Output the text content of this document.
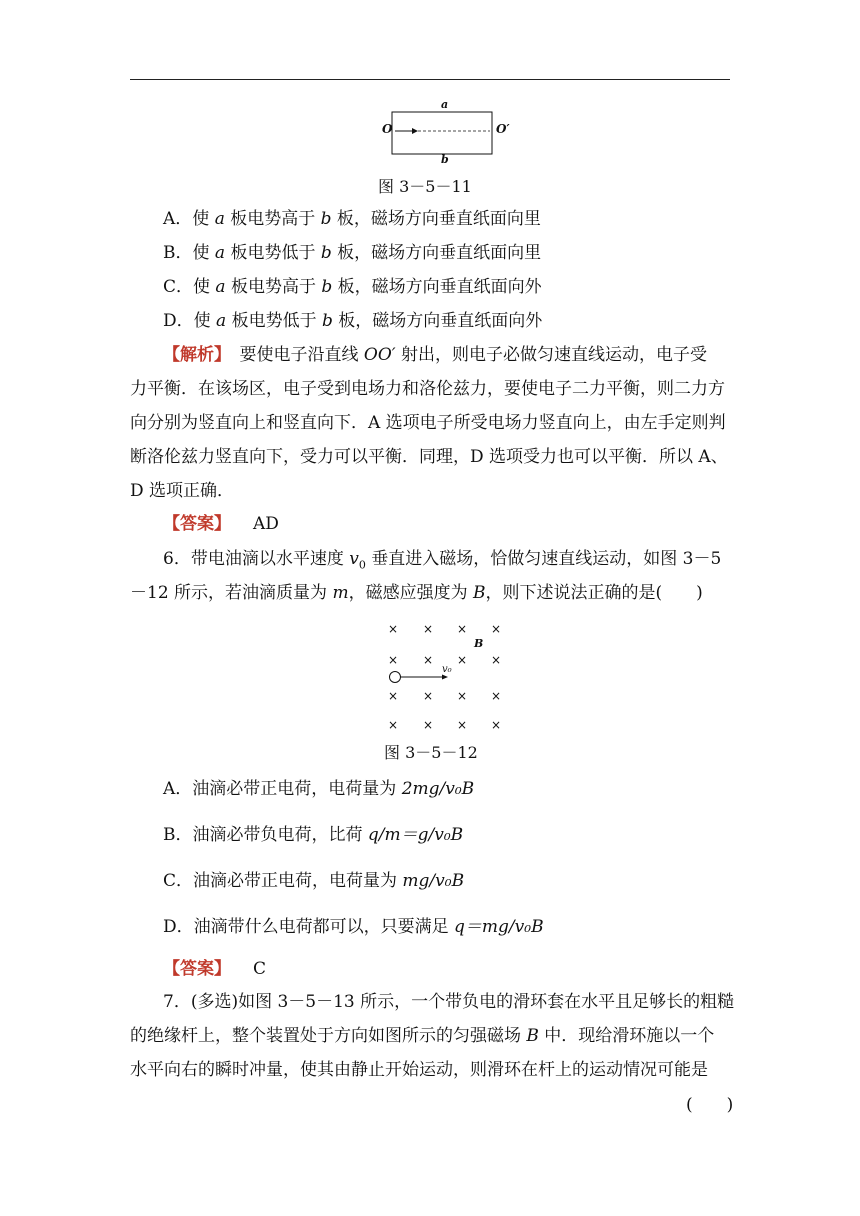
a
b
O	O′
图 3－5－11
A．使 a 板电势高于 b 板，磁场方向垂直纸面向里
B．使 a 板电势低于 b 板，磁场方向垂直纸面向里
C．使 a 板电势高于 b 板，磁场方向垂直纸面向外
D．使 a 板电势低于 b 板，磁场方向垂直纸面向外
【解析】　要使电子沿直线 OO′ 射出，则电子必做匀速直线运动，电子受
力平衡．在该场区，电子受到电场力和洛伦兹力，要使电子二力平衡，则二力方
向分别为竖直向上和竖直向下．A 选项电子所受电场力竖直向上，由左手定则判
断洛伦兹力竖直向下，受力可以平衡．同理，D 选项受力也可以平衡．所以 A、
D 选项正确．
【答案】 AD
6．带电油滴以水平速度 $v_0$ 垂直进入磁场，恰做匀速直线运动，如图 3－5
－12 所示，若油滴质量为 m，磁感应强度为 B，则下述说法正确的是(　　)
× × × ×
× × × ×
× × × ×
× × × ×
B
v₀
图 3－5－12
A．油滴必带正电荷，电荷量为 2mg/v₀B
B．油滴必带负电荷，比荷 q/m＝g/v₀B
C．油滴必带正电荷，电荷量为 mg/v₀B
D．油滴带什么电荷都可以，只要满足 q＝mg/v₀B
【答案】 C
7．(多选)如图 3－5－13 所示，一个带负电的滑环套在水平且足够长的粗糙
的绝缘杆上，整个装置处于方向如图所示的匀强磁场 B 中．现给滑环施以一个
水平向右的瞬时冲量，使其由静止开始运动，则滑环在杆上的运动情况可能是
(　　)
